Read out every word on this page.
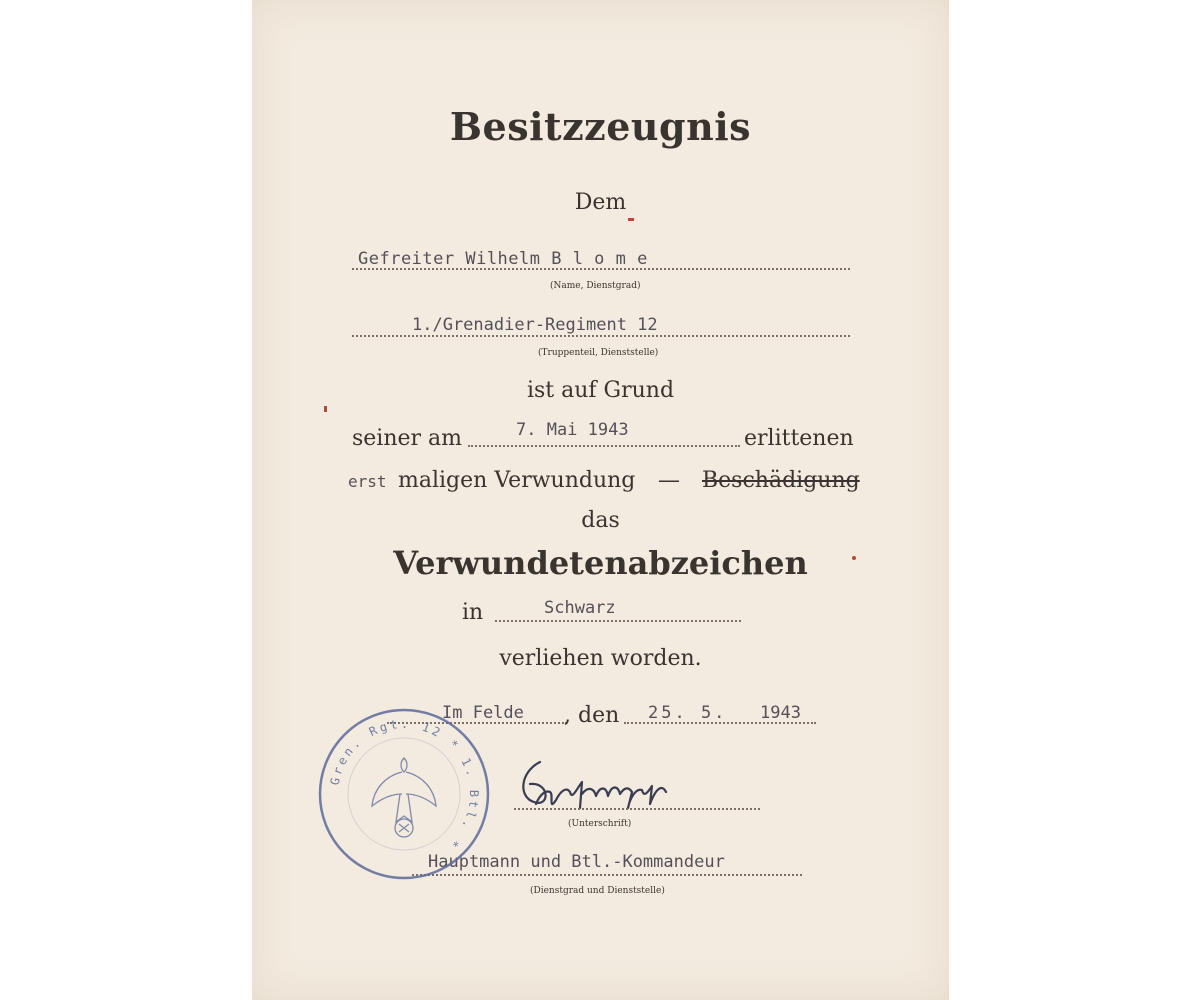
Besitzzeugnis
Dem
Gefreiter Wilhelm B l o m e
(Name, Dienstgrad)
1./Grenadier-Regiment 12
(Truppenteil, Dienststelle)
ist auf Grund
seiner am	7. Mai 1943	erlittenen
erst maligen Verwundung — Beschädigung
das
Verwundetenabzeichen
in	Schwarz
verliehen worden.
Im Felde , den 25. 5. 1943
(Unterschrift)
Hauptmann und Btl.-Kommandeur
(Dienstgrad und Dienststelle)
Gren. Rgt. 12 * 1. Btl. *
